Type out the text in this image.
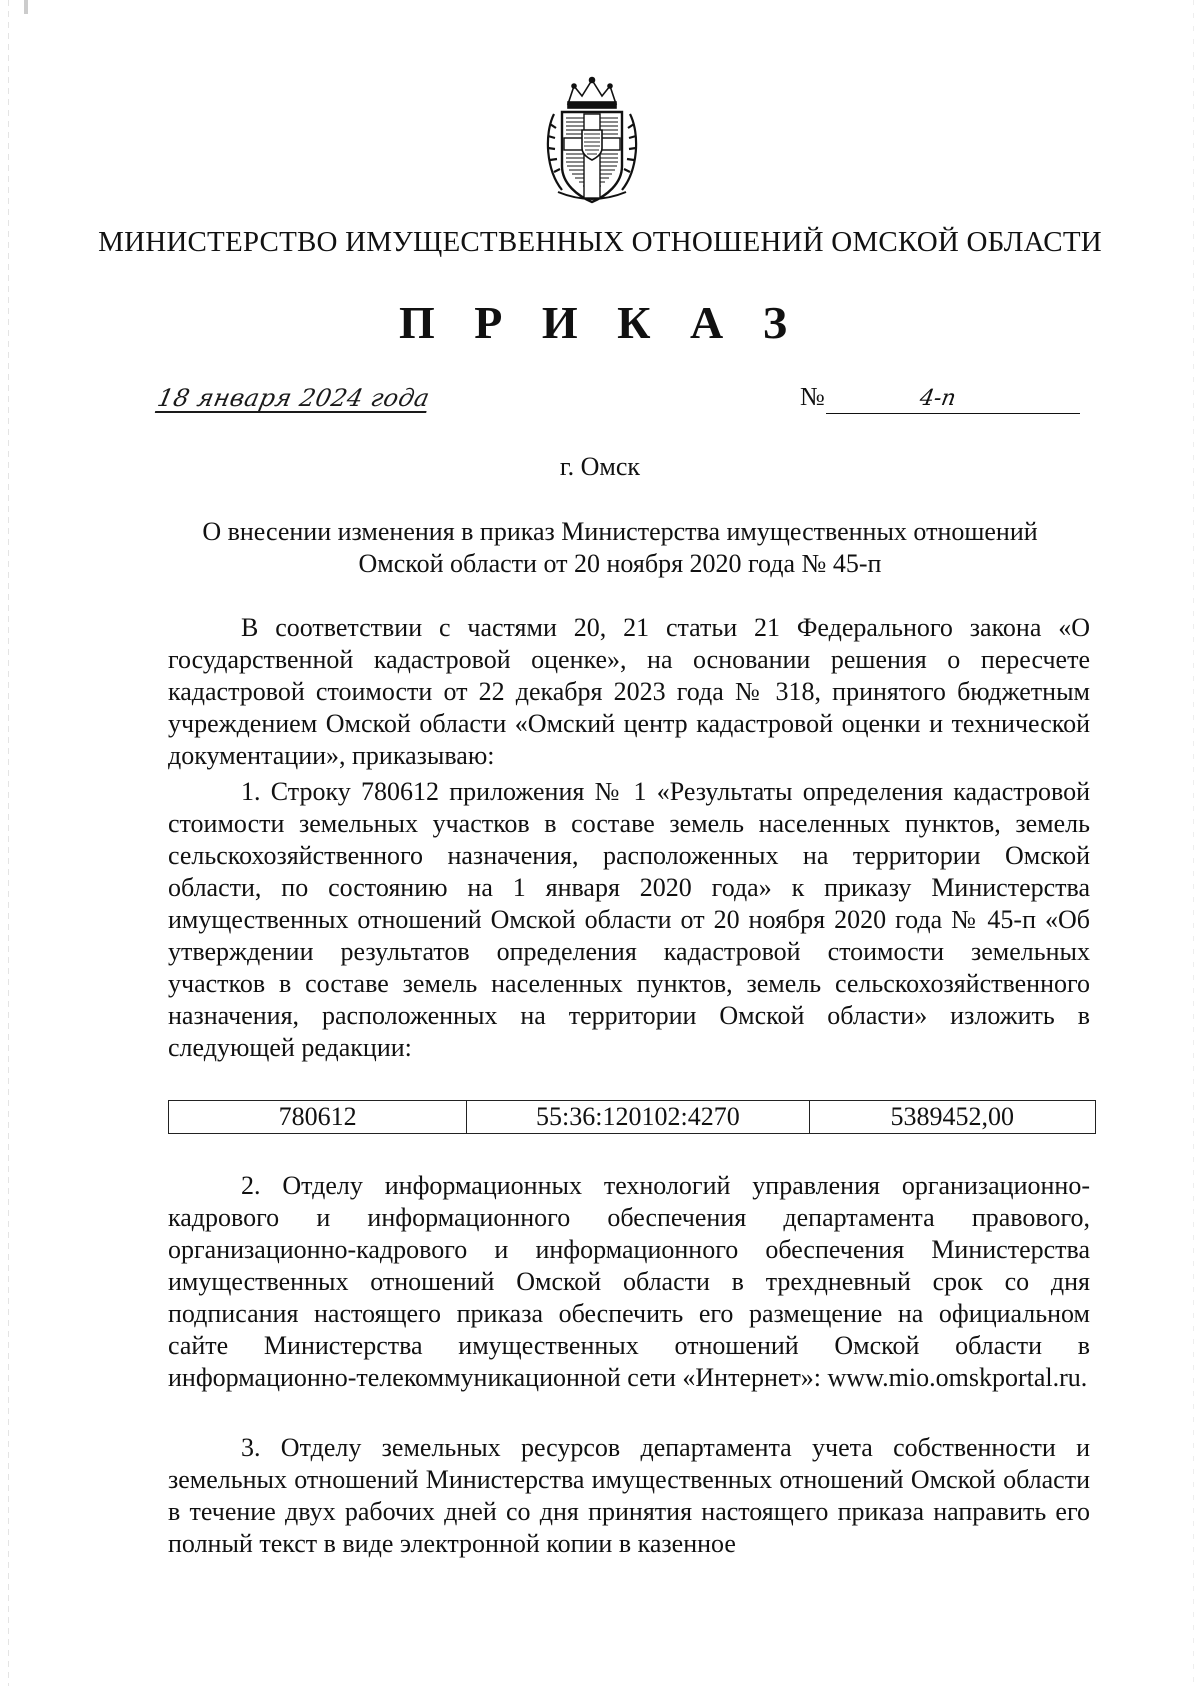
МИНИСТЕРСТВО ИМУЩЕСТВЕННЫХ ОТНОШЕНИЙ ОМСКОЙ ОБЛАСТИ
П Р И К А З
18 января 2024 года	№	4-п
г. Омск
О внесении изменения в приказ Министерства имущественных отношений
Омской области от 20 ноября 2020 года № 45-п
В соответствии с частями 20, 21 статьи 21 Федерального закона «О государственной кадастровой оценке», на основании решения о пересчете кадастровой стоимости от 22 декабря 2023 года № 318, принятого бюджетным учреждением Омской области «Омский центр кадастровой оценки и технической документации», приказываю:
1. Строку 780612 приложения № 1 «Результаты определения кадастровой стоимости земельных участков в составе земель населенных пунктов, земель сельскохозяйственного назначения, расположенных на территории Омской области, по состоянию на 1 января 2020 года» к приказу Министерства имущественных отношений Омской области от 20 ноября 2020 года № 45-п «Об утверждении результатов определения кадастровой стоимости земельных участков в составе земель населенных пунктов, земель сельскохозяйственного назначения, расположенных на территории Омской области» изложить в следующей редакции:
780612	55:36:120102:4270	5389452,00
2. Отделу информационных технологий управления организационно-кадрового и информационного обеспечения департамента правового, организационно-кадрового и информационного обеспечения Министерства имущественных отношений Омской области в трехдневный срок со дня подписания настоящего приказа обеспечить его размещение на официальном сайте Министерства имущественных отношений Омской области в информационно-телекоммуникационной сети «Интернет»: www.mio.omskportal.ru.
3. Отделу земельных ресурсов департамента учета собственности и земельных отношений Министерства имущественных отношений Омской области в течение двух рабочих дней со дня принятия настоящего приказа направить его полный текст в виде электронной копии в казенное
